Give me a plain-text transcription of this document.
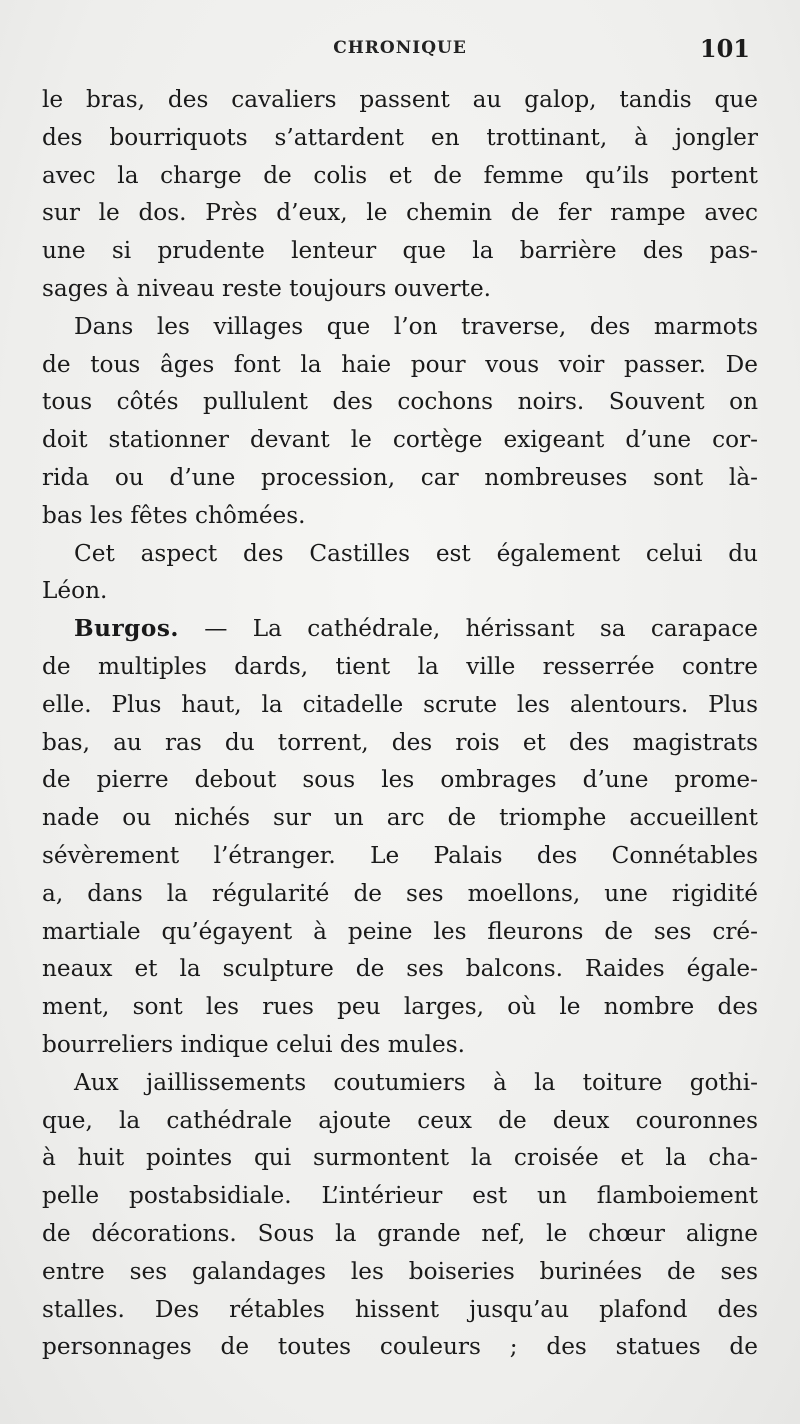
CHRONIQUE	101
le bras, des cavaliers passent au galop, tandis que
des bourriquots s’attardent en trottinant, à jongler
avec la charge de colis et de femme qu’ils portent
sur le dos. Près d’eux, le chemin de fer rampe avec
une si prudente lenteur que la barrière des pas-
sages à niveau reste toujours ouverte.
Dans les villages que l’on traverse, des marmots
de tous âges font la haie pour vous voir passer. De
tous côtés pullulent des cochons noirs. Souvent on
doit stationner devant le cortège exigeant d’une cor-
rida ou d’une procession, car nombreuses sont là-
bas les fêtes chômées.
Cet aspect des Castilles est également celui du
Léon.
Burgos. — La cathédrale, hérissant sa carapace
de multiples dards, tient la ville resserrée contre
elle. Plus haut, la citadelle scrute les alentours. Plus
bas, au ras du torrent, des rois et des magistrats
de pierre debout sous les ombrages d’une prome-
nade ou nichés sur un arc de triomphe accueillent
sévèrement l’étranger. Le Palais des Connétables
a, dans la régularité de ses moellons, une rigidité
martiale qu’égayent à peine les fleurons de ses cré-
neaux et la sculpture de ses balcons. Raides égale-
ment, sont les rues peu larges, où le nombre des
bourreliers indique celui des mules.
Aux jaillissements coutumiers à la toiture gothi-
que, la cathédrale ajoute ceux de deux couronnes
à huit pointes qui surmontent la croisée et la cha-
pelle postabsidiale. L’intérieur est un flamboiement
de décorations. Sous la grande nef, le chœur aligne
entre ses galandages les boiseries burinées de ses
stalles. Des rétables hissent jusqu’au plafond des
personnages de toutes couleurs ; des statues de
